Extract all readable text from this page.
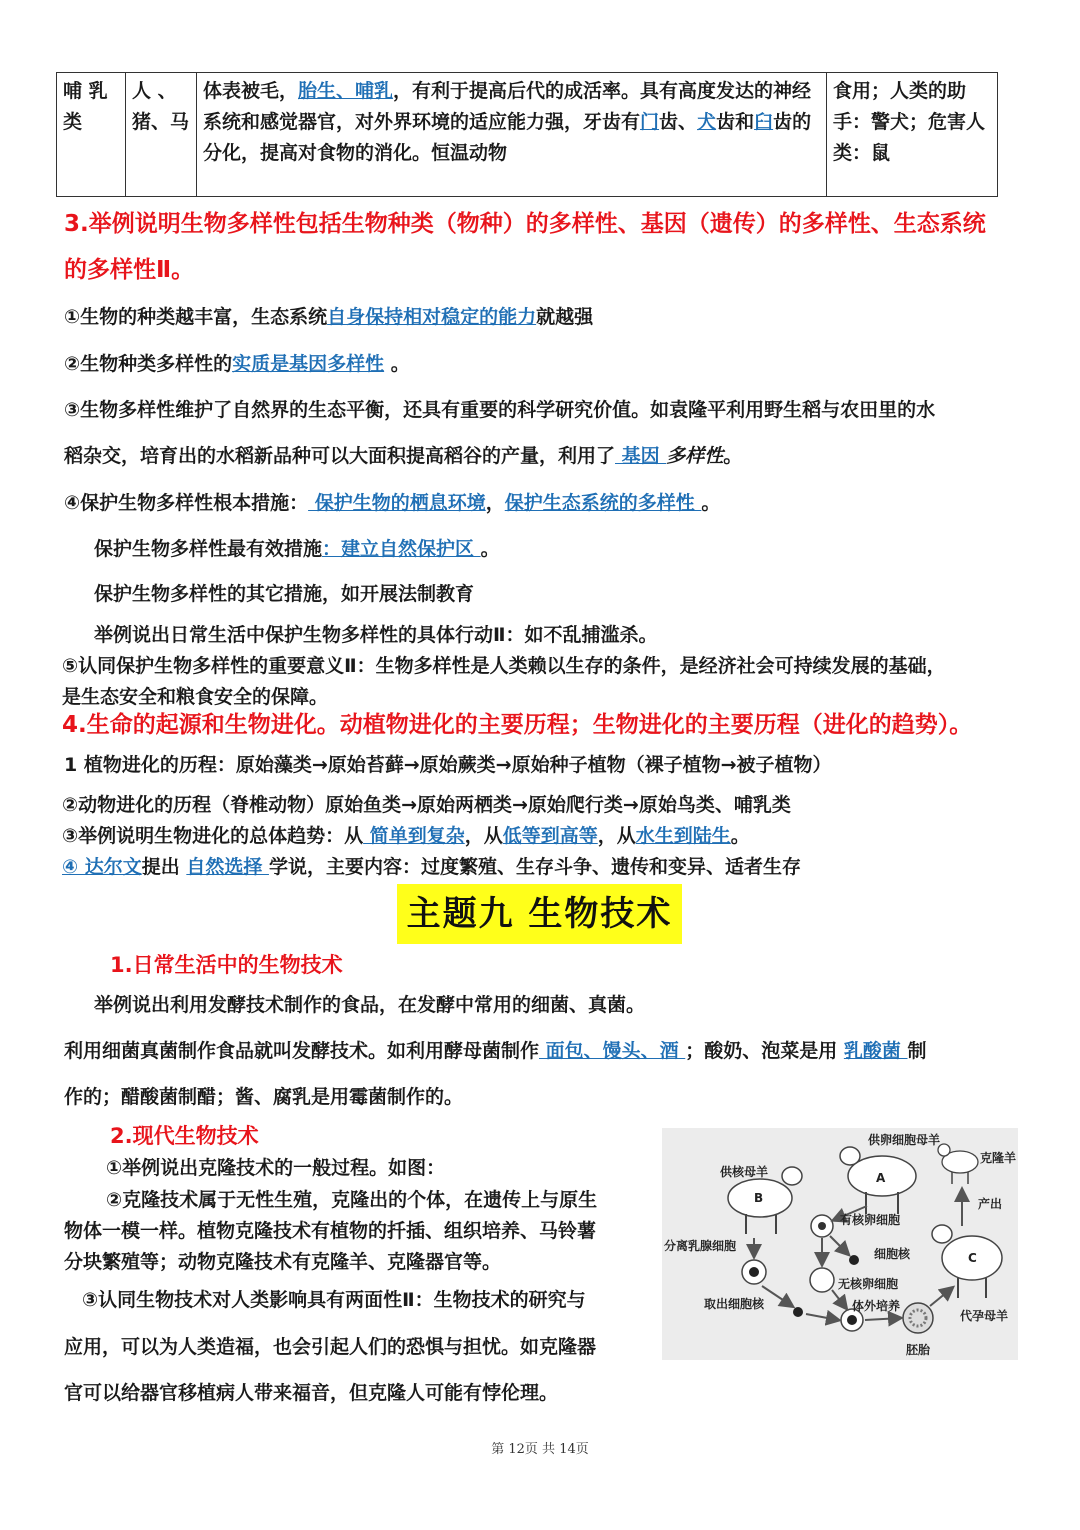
哺 乳类	人 、猪、马	体表被毛，胎生、哺乳，有利于提高后代的成活率。具有高度发达的神经系统和感觉器官，对外界环境的适应能力强，牙齿有门齿、犬齿和臼齿的分化，提高对食物的消化。恒温动物	食用；人类的助手：警犬；危害人类：鼠
3.举例说明生物多样性包括生物种类（物种）的多样性、基因（遗传）的多样性、生态系统
的多样性Ⅱ。
①生物的种类越丰富，生态系统自身保持相对稳定的能力就越强
②生物种类多样性的实质是基因多样性 。
③生物多样性维护了自然界的生态平衡，还具有重要的科学研究价值。如袁隆平利用野生稻与农田里的水
稻杂交，培育出的水稻新品种可以大面积提高稻谷的产量，利用了 基因 多样性。
④保护生物多样性根本措施： 保护生物的栖息环境，保护生态系统的多样性 。
保护生物多样性最有效措施：建立自然保护区 。
保护生物多样性的其它措施，如开展法制教育
举例说出日常生活中保护生物多样性的具体行动Ⅱ：如不乱捕滥杀。
⑤认同保护生物多样性的重要意义Ⅱ：生物多样性是人类赖以生存的条件，是经济社会可持续发展的基础，
是生态安全和粮食安全的保障。
4.生命的起源和生物进化。动植物进化的主要历程；生物进化的主要历程（进化的趋势）。
1 植物进化的历程：原始藻类→原始苔藓→原始蕨类→原始种子植物（裸子植物→被子植物）
②动物进化的历程（脊椎动物）原始鱼类→原始两栖类→原始爬行类→原始鸟类、哺乳类
③举例说明生物进化的总体趋势：从 简单到复杂，从低等到高等，从水生到陆生。
④ 达尔文提出 自然选择 学说，主要内容：过度繁殖、生存斗争、遗传和变异、适者生存
主题九 生物技术
1.日常生活中的生物技术
举例说出利用发酵技术制作的食品，在发酵中常用的细菌、真菌。
利用细菌真菌制作食品就叫发酵技术。如利用酵母菌制作 面包、馒头、酒 ；酸奶、泡菜是用 乳酸菌 制
作的；醋酸菌制醋；酱、腐乳是用霉菌制作的。
2.现代生物技术
①举例说出克隆技术的一般过程。如图：
②克隆技术属于无性生殖，克隆出的个体，在遗传上与原生
物体一模一样。植物克隆技术有植物的扦插、组织培养、马铃薯
分块繁殖等；动物克隆技术有克隆羊、克隆器官等。
③认同生物技术对人类影响具有两面性Ⅱ：生物技术的研究与
应用，可以为人类造福，也会引起人们的恐惧与担忧。如克隆器
官可以给器官移植病人带来福音，但克隆人可能有悖伦理。
供卵细胞母羊
克隆羊
供核母羊
产出
有核卵细胞
细胞核
分离乳腺细胞
无核卵细胞
取出细胞核	体外培养
代孕母羊
胚胎
A
B
C
第 12页 共 14页
